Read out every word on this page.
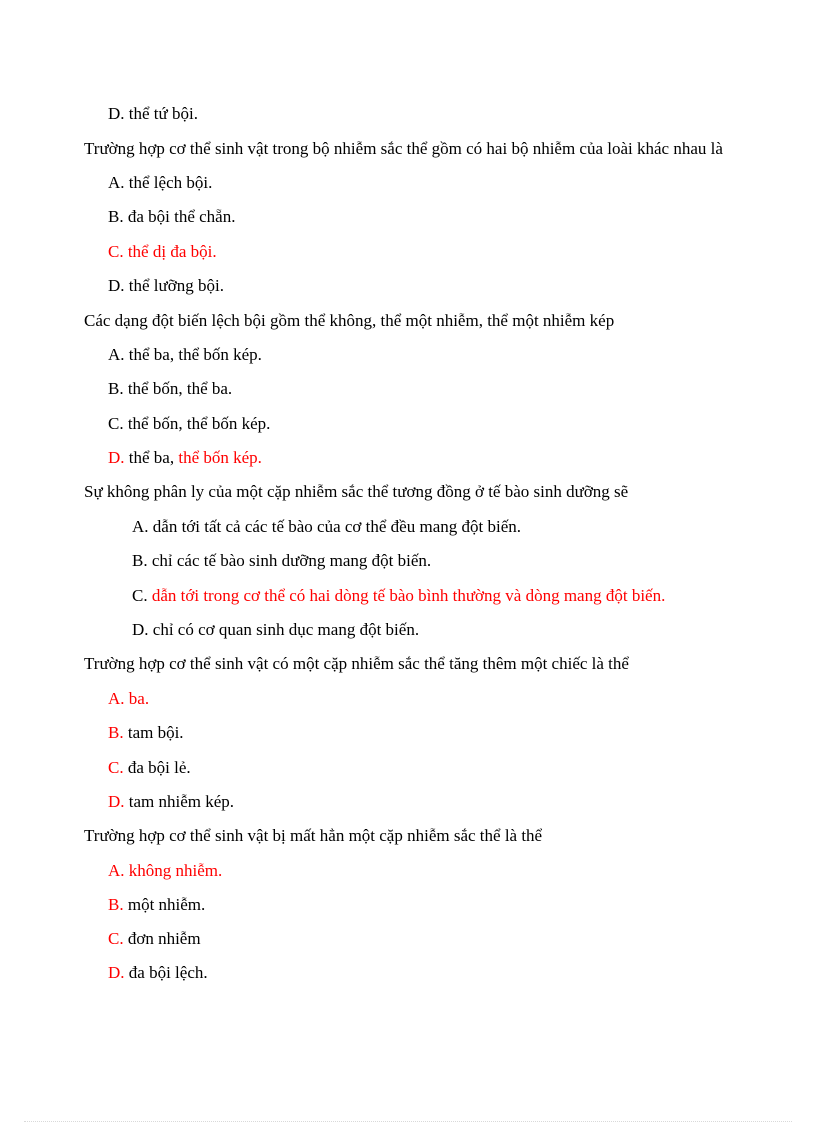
D. thể tứ bội.
Trường hợp cơ thể sinh vật trong bộ nhiễm sắc thể gồm có hai bộ nhiễm của loài khác nhau là
A. thể lệch bội.
B. đa bội thể chẵn.
C. thể dị đa bội.
D. thể lưỡng bội.
Các dạng đột biến lệch bội gồm thể không, thể một nhiễm, thể một nhiễm kép
A. thể ba, thể bốn kép.
B. thể bốn, thể ba.
C. thể bốn, thể bốn kép.
D. thể ba, thể bốn kép.
Sự không phân ly của một cặp nhiễm sắc thể tương đồng ở tế bào sinh dưỡng sẽ
A. dẫn tới tất cả các tế bào của cơ thể đều mang đột biến.
B. chỉ các tế bào sinh dưỡng mang đột biến.
C. dẫn tới trong cơ thể có hai dòng tế bào bình thường và dòng mang đột biến.
D. chỉ có cơ quan sinh dục mang đột biến.
Trường hợp cơ thể sinh vật có một cặp nhiễm sắc thể tăng thêm một chiếc là thể
A. ba.
B. tam bội.
C. đa bội lẻ.
D. tam nhiễm kép.
Trường hợp cơ thể sinh vật bị mất hẳn một cặp nhiễm sắc thể là thể
A. không nhiễm.
B. một nhiễm.
C. đơn nhiễm
D. đa bội lệch.
